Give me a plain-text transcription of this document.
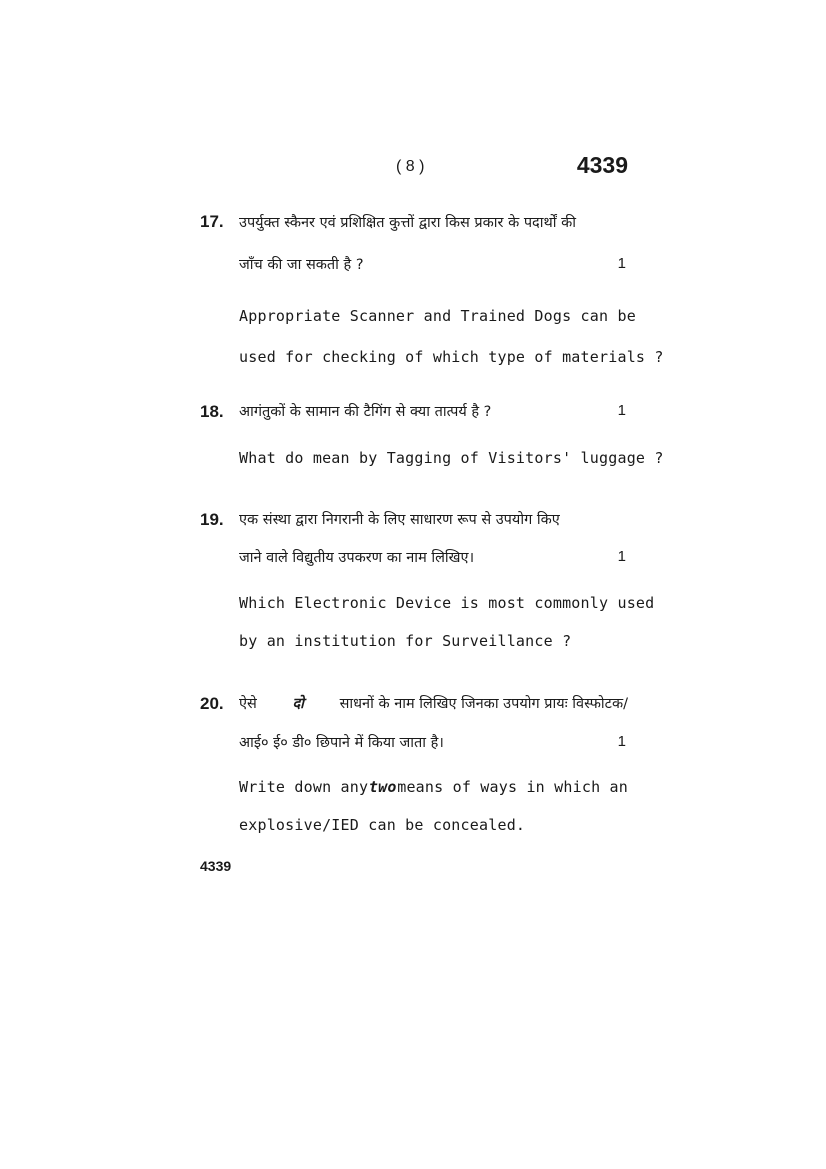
( 8 )	4339
17. उपर्युक्त स्कैनर एवं प्रशिक्षित कुत्तों द्वारा किस प्रकार के पदार्थों की
जाँच की जा सकती है ?	1
Appropriate Scanner and Trained Dogs can be
used for checking of which type of materials ?
18. आगंतुकों के सामान की टैगिंग से क्या तात्पर्य है ?	1
What do mean by Tagging of Visitors' luggage ?
19. एक संस्था द्वारा निगरानी के लिए साधारण रूप से उपयोग किए
जाने वाले विद्युतीय उपकरण का नाम लिखिए।	1
Which Electronic Device is most commonly used
by an institution for Surveillance ?
20. ऐसे दो साधनों के नाम लिखिए जिनका उपयोग प्रायः विस्फोटक/
आई० ई० डी० छिपाने में किया जाता है।	1
Write down any two means of ways in which an
explosive/IED can be concealed.
4339
